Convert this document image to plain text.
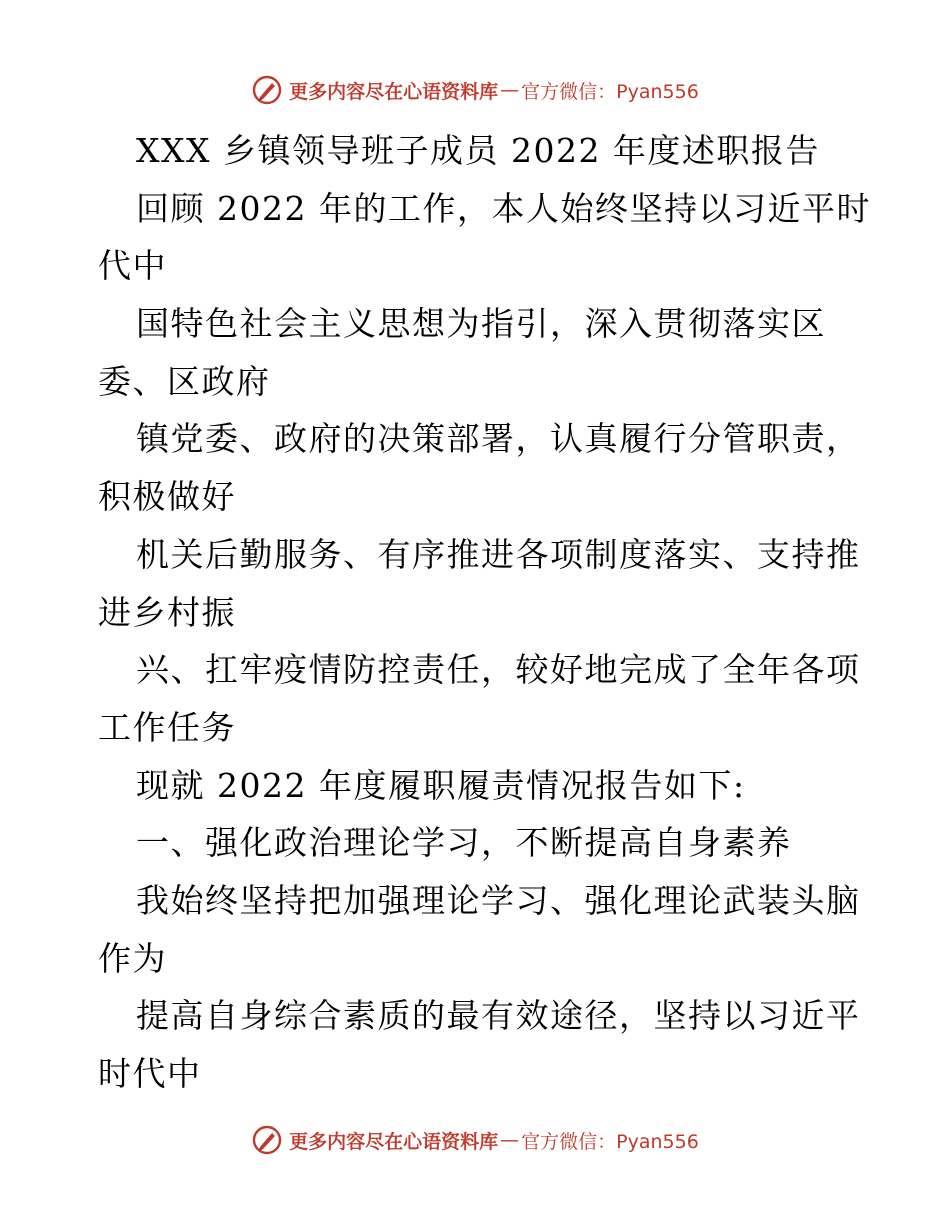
更多内容尽在心语资料库 — 官方微信：Pyan556
XXX 乡镇领导班子成员 2022 年度述职报告
回顾 2022 年的工作，本人始终坚持以习近平时
代中
国特色社会主义思想为指引，深入贯彻落实区
委、区政府
镇党委、政府的决策部署，认真履行分管职责，
积极做好
机关后勤服务、有序推进各项制度落实、支持推
进乡村振
兴、扛牢疫情防控责任，较好地完成了全年各项
工作任务
现就 2022 年度履职履责情况报告如下:
一、强化政治理论学习，不断提高自身素养
我始终坚持把加强理论学习、强化理论武装头脑
作为
提高自身综合素质的最有效途径，坚持以习近平
时代中
更多内容尽在心语资料库 — 官方微信：Pyan556
